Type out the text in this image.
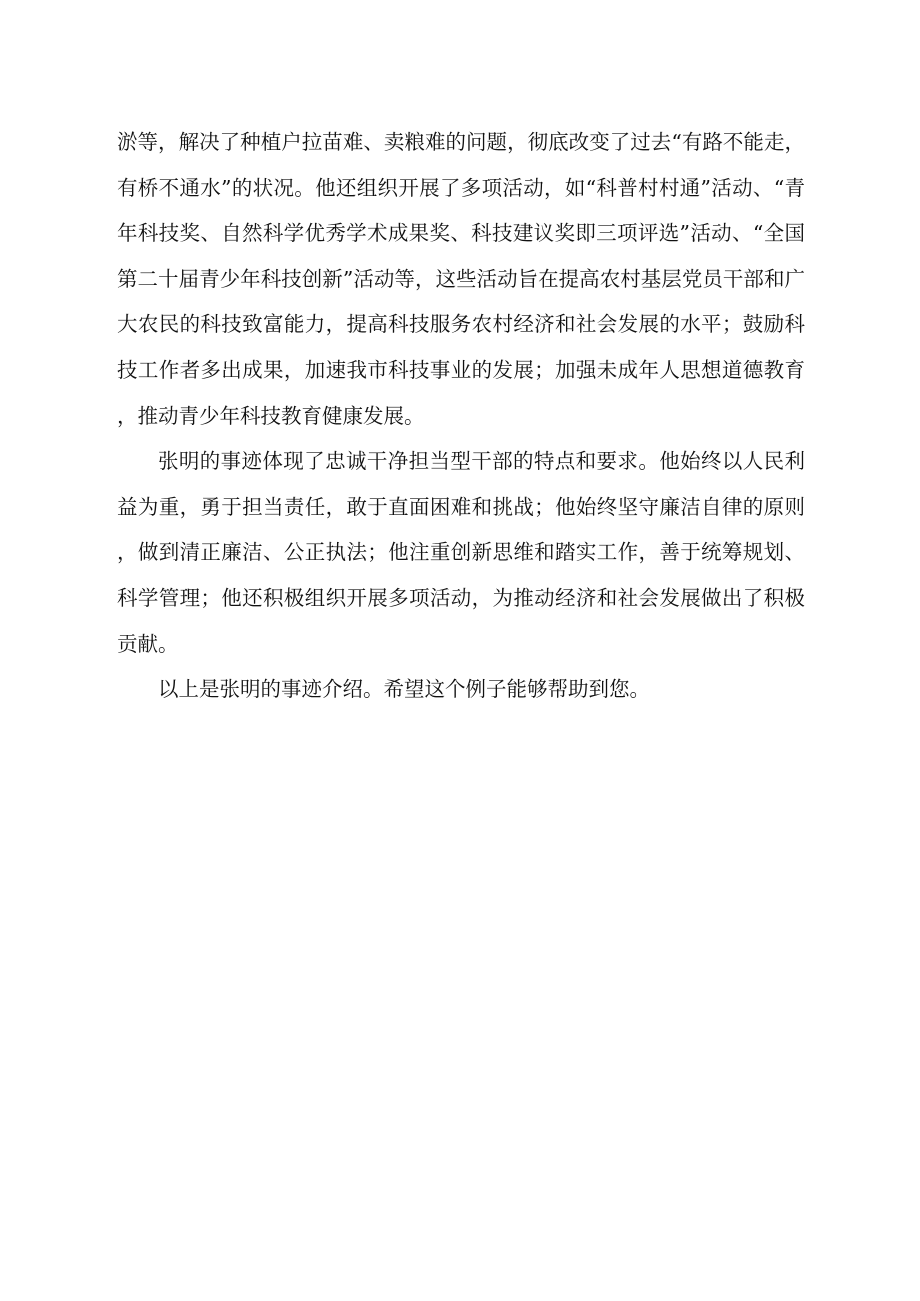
淤等，解决了种植户拉苗难、卖粮难的问题，彻底改变了过去“有路不能走，有桥不通水”的状况。他还组织开展了多项活动，如“科普村村通”活动、“青年科技奖、自然科学优秀学术成果奖、科技建议奖即三项评选”活动、“全国第二十届青少年科技创新”活动等，这些活动旨在提高农村基层党员干部和广大农民的科技致富能力，提高科技服务农村经济和社会发展的水平；鼓励科技工作者多出成果，加速我市科技事业的发展；加强未成年人思想道德教育，推动青少年科技教育健康发展。

张明的事迹体现了忠诚干净担当型干部的特点和要求。他始终以人民利益为重，勇于担当责任，敢于直面困难和挑战；他始终坚守廉洁自律的原则，做到清正廉洁、公正执法；他注重创新思维和踏实工作，善于统筹规划、科学管理；他还积极组织开展多项活动，为推动经济和社会发展做出了积极贡献。

以上是张明的事迹介绍。希望这个例子能够帮助到您。
